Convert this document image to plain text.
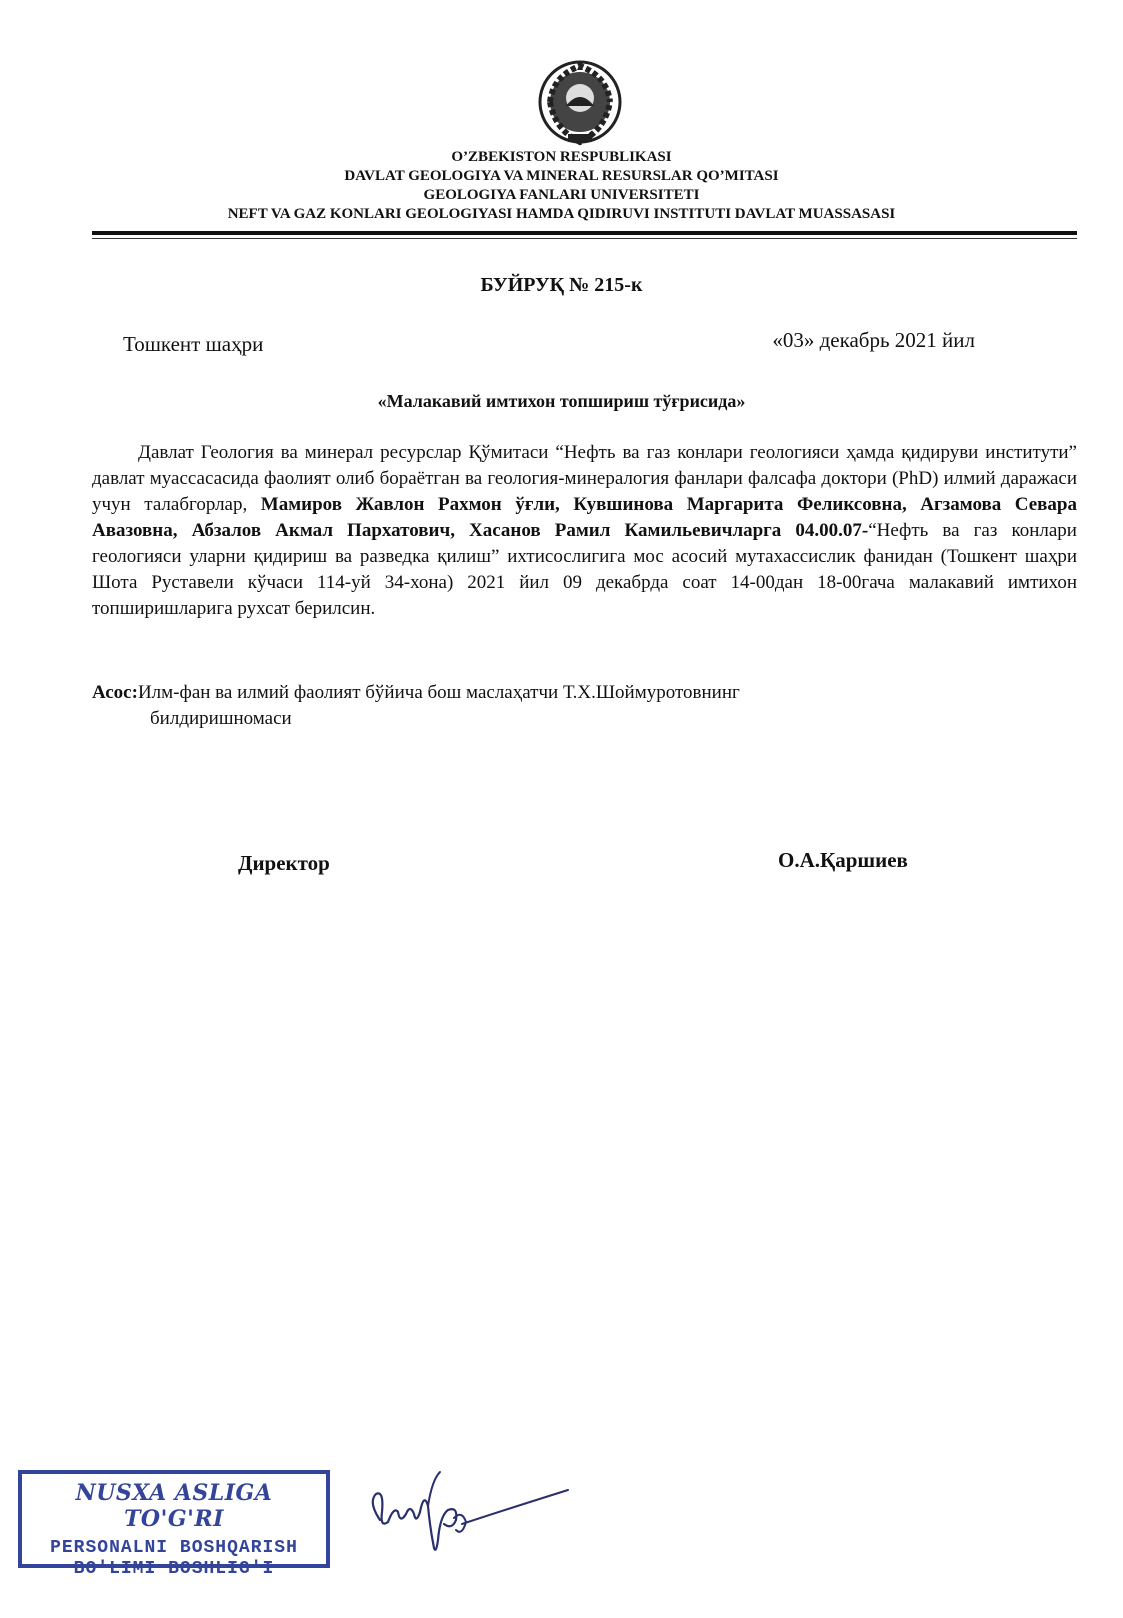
O’ZBEKISTON RESPUBLIKASI
DAVLAT GEOLOGIYA VA MINERAL RESURSLAR QO’MITASI
GEOLOGIYA FANLARI UNIVERSITETI
NEFT VA GAZ KONLARI GEOLOGIYASI HAMDA QIDIRUVI INSTITUTI DAVLAT MUASSASASI
БУЙРУҚ № 215-к
Тошкент шаҳри	«03» декабрь 2021 йил
«Малакавий имтихон топшириш тўғрисида»
Давлат Геология ва минерал ресурслар Қўмитаси “Нефть ва газ конлари геологияси ҳамда қидируви институти” давлат муассасасида фаолият олиб бораётган ва геология-минералогия фанлари фалсафа доктори (PhD) илмий даражаси учун талабгорлар, Мамиров Жавлон Рахмон ўғли, Кувшинова Маргарита Феликсовна, Агзамова Севара Авазовна, Абзалов Акмал Пархатович, Хасанов Рамил Камильевичларга 04.00.07-“Нефть ва газ конлари геологияси уларни қидириш ва разведка қилиш” ихтисослигига мос асосий мутахассислик фанидан (Тошкент шаҳри Шота Руставели кўчаси 114-уй 34-хона) 2021 йил 09 декабрда соат 14-00дан 18-00гача малакавий имтихон топширишларига рухсат берилсин.
Асос:Илм-фан ва илмий фаолият бўйича бош маслаҳатчи Т.Х.Шоймуротовнинг
билдиришномаси
Директор	О.А.Қаршиев
NUSXA ASLIGA TO'G'RI
PERSONALNI BOSHQARISH
BO'LIMI BOSHLIG'I
